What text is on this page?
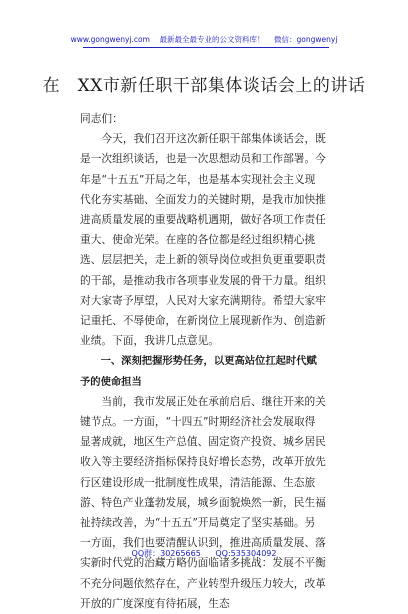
www.gongwenyj.com 最新最全最专业的公文资料库！ 微信：gongwenyj
在　XX市新任职干部集体谈话会上的讲话

同志们：

今天，我们召开这次新任职干部集体谈话会，既是一次组织谈话，也是一次思想动员和工作部署。今年是“十五五”开局之年，也是基本实现社会主义现代化夯实基础、全面发力的关键时期，是我市加快推进高质量发展的重要战略机遇期，做好各项工作责任重大、使命光荣。在座的各位都是经过组织精心挑选、层层把关，走上新的领导岗位或担负更重要职责的干部，是推动我市各项事业发展的骨干力量。组织对大家寄予厚望，人民对大家充满期待。希望大家牢记重托、不辱使命，在新岗位上展现新作为、创造新业绩。下面，我讲几点意见。

一、深刻把握形势任务，以更高站位扛起时代赋予的使命担当

当前，我市发展正处在承前启后、继往开来的关键节点。一方面，“十四五”时期经济社会发展取得显著成就，地区生产总值、固定资产投资、城乡居民收入等主要经济指标保持良好增长态势，改革开放先行区建设形成一批制度性成果，清洁能源、生态旅游、特色产业蓬勃发展，城乡面貌焕然一新，民生福祉持续改善，为“十五五”开局奠定了坚实基础。另一方面，我们也要清醒认识到，推进高质量发展、落实新时代党的治藏方略仍面临诸多挑战：发展不平衡不充分问题依然存在，产业转型升级压力较大，改革开放的广度深度有待拓展，生态

QQ群：30265665 QQ:535304092
